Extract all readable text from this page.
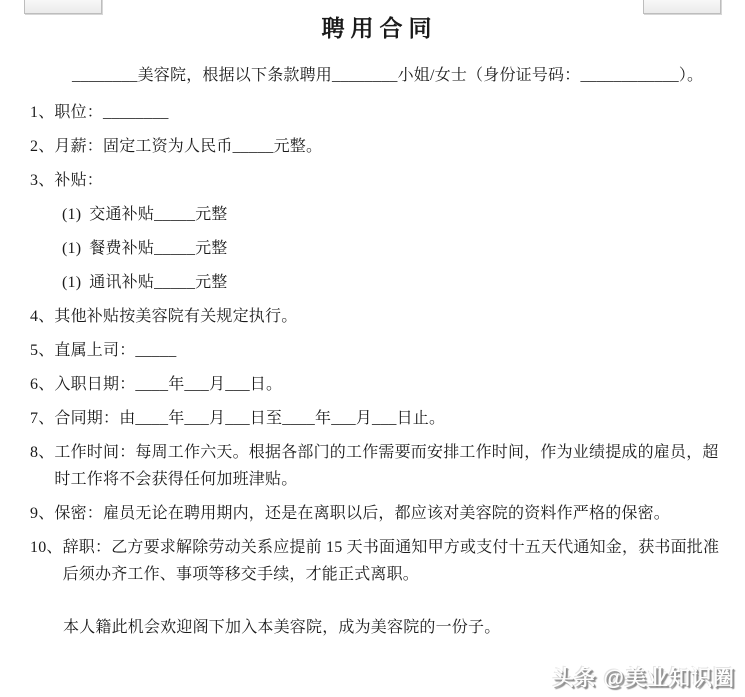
聘用合同

________美容院，根据以下条款聘用________小姐/女士（身份证号码：____________）。

1、 职位：________
2、 月薪：固定工资为人民币_____元整。
3、 补贴：
(1) 交通补贴_____元整
(1) 餐费补贴_____元整
(1) 通讯补贴_____元整
4、 其他补贴按美容院有关规定执行。
5、 直属上司：_____
6、 入职日期：____年___月___日。
7、 合同期：由____年___月___日至____年___月___日止。
8、 工作时间：每周工作六天。根据各部门的工作需要而安排工作时间，作为业绩提成的雇员，超时工作将不会获得任何加班津贴。
9、 保密：雇员无论在聘用期内，还是在离职以后，都应该对美容院的资料作严格的保密。
10、 辞职：乙方要求解除劳动关系应提前 15 天书面通知甲方或支付十五天代通知金，获书面批准后须办齐工作、事项等移交手续，才能正式离职。

本人籍此机会欢迎阁下加入本美容院，成为美容院的一份子。

头条 @美业知识圈
